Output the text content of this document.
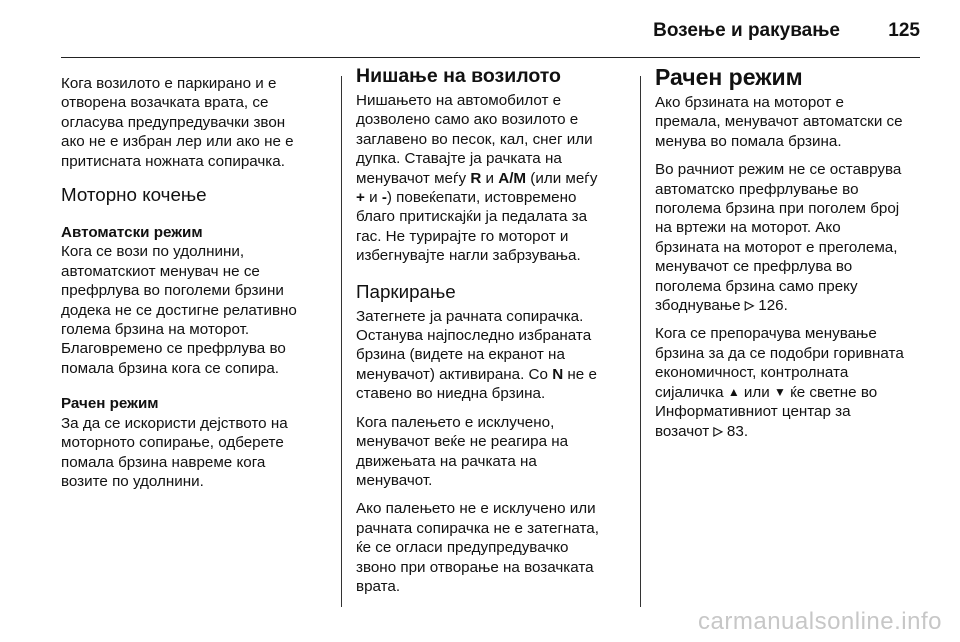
Возење и ракување	125

Кога возилото е паркирано и е
отворена возачката врата, се
огласува предупредувачки звон
ако не е избран лер или ако не е
притисната ножната сопирачка.

Моторно кочење
Автоматски режим

Кога се вози по удолнини,
автоматскиот менувач не се
префрлува во поголеми брзини
додека не се достигне релативно
голема брзина на моторот.
Благовремено се префрлува во
помала брзина кога се сопира.

Рачен режим

За да се искористи дејството на
моторното сопирање, одберете
помала брзина навреме кога
возите по удолнини.

Нишање на возилото

Нишањето на автомобилот е
дозволено само ако возилото е
заглавено во песок, кал, снег или
дупка. Ставајте ја рачката на
менувачот меѓу R и A/M (или меѓу
+ и -) повеќепати, истовремено
благо притискајќи ја педалата за
гас. Не турирајте го моторот и
избегнувајте нагли забрзувања.

Паркирање

Затегнете ја рачната сопирачка.
Останува најпоследно избраната
брзина (видете на екранот на
менувачот) активирана. Со N не е
ставено во ниедна брзина.

Кога палењето е исклучено,
менувачот веќе не реагира на
движењата на рачката на
менувачот.

Ако палењето не е исклучено или
рачната сопирачка не е затегната,
ќе се огласи предупредувачко
звоно при отворање на возачката
врата.

Рачен режим

Ако брзината на моторот е
премала, менувачот автоматски се
менува во помала брзина.

Во рачниот режим не се оставрува
автоматско префрлување во
поголема брзина при поголем број
на вртежи на моторот. Ако
брзината на моторот е преголема,
менувачот се префрлува во
поголема брзина само преку
збоднување ▷ 126.

Кога се препорачува менување
брзина за да се подобри горивната
економичност, контролната
сијаличка ▲ или ▼ ќе светне во
Информативниот центар за
возачот ▷ 83.

carmanualsonline.info
